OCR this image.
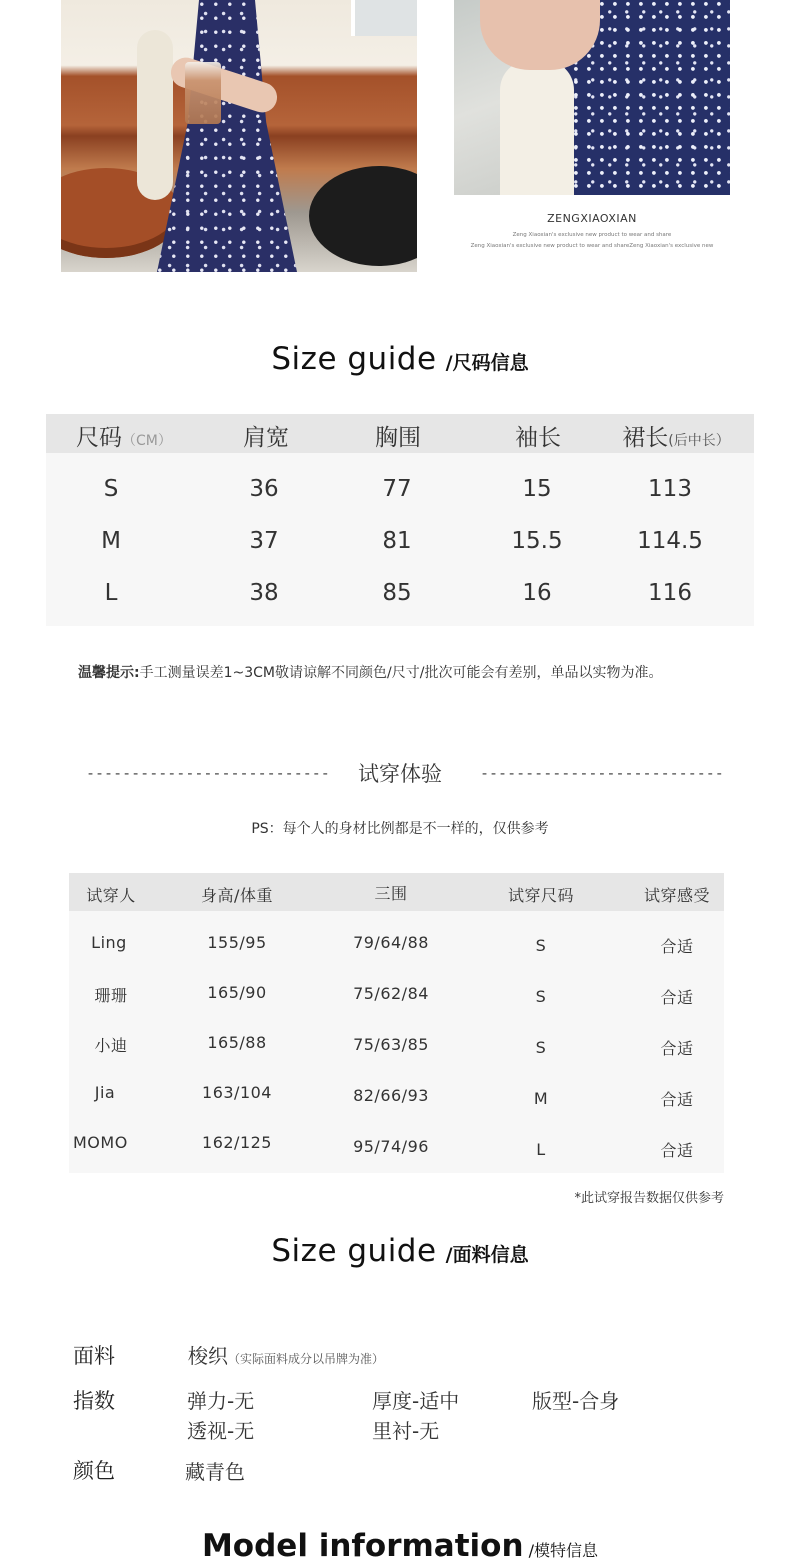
ZENGXIAOXIAN
Zeng Xiaoxian's exclusive new product to wear and share
Zeng Xiaoxian's exclusive new product to wear and shareZeng Xiaoxian's exclusive new
Size guide /尺码信息
尺码（CM）	肩宽	胸围	袖长	裙长(后中长）
S	36	77	15	113
M	37	81	15.5	114.5
L	38	85	16	116
温馨提示:手工测量误差1~3CM敬请谅解不同颜色/尺寸/批次可能会有差别，单品以实物为准。
---------------------------	试穿体验	---------------------------
PS：每个人的身材比例都是不一样的，仅供参考
试穿人	身高/体重	三围	试穿尺码	试穿感受
Ling	155/95	79/64/88	S	合适
珊珊	165/90	75/62/84	S	合适
小迪	165/88	75/63/85	S	合适
Jia	163/104	82/66/93	M	合适
MOMO	162/125	95/74/96	L	合适
*此试穿报告数据仅供参考
Size guide /面料信息
面料	梭织（实际面料成分以吊牌为准）
指数	弹力-无	厚度-适中	版型-合身
透视-无	里衬-无
颜色	藏青色
Model information /模特信息
